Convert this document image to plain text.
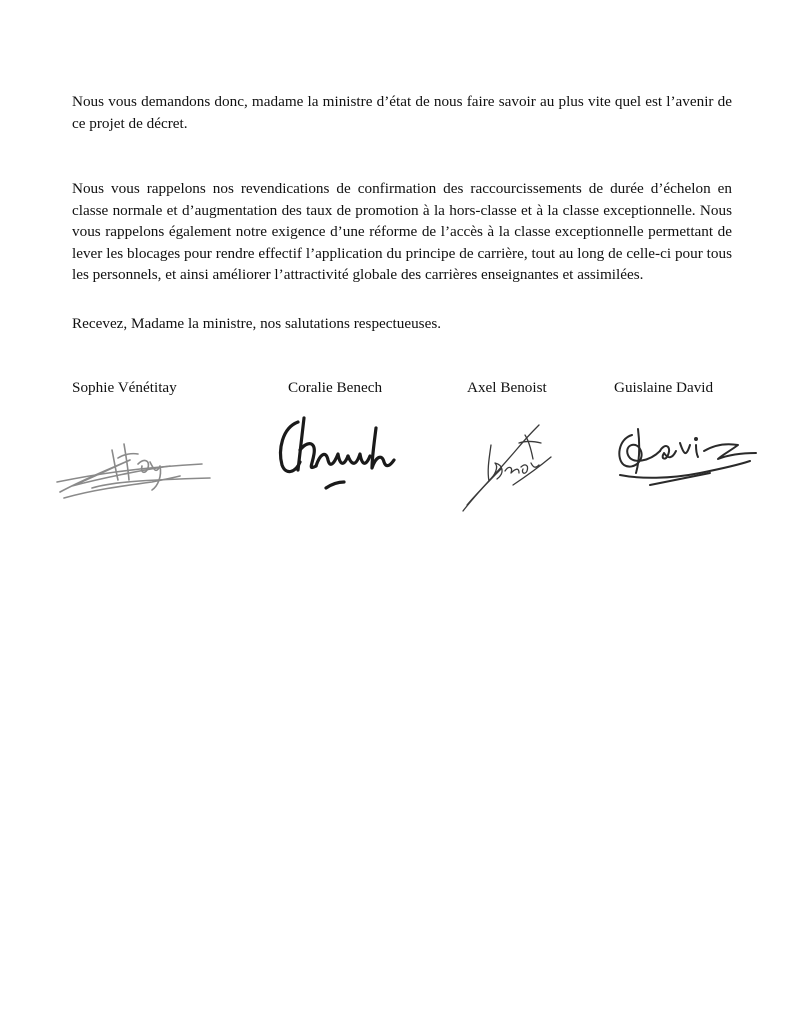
Nous vous demandons donc, madame la ministre d’état de nous faire savoir au plus vite quel est l’avenir de ce projet de décret.

Nous vous rappelons nos revendications de confirmation des raccourcissements de durée d’échelon en classe normale et d’augmentation des taux de promotion à la hors-classe et à la classe exceptionnelle. Nous vous rappelons également notre exigence d’une réforme de l’accès à la classe exceptionnelle permettant de lever les blocages pour rendre effectif l’application du principe de carrière, tout au long de celle-ci pour tous les personnels, et ainsi améliorer l’attractivité globale des carrières enseignantes et assimilées.

Recevez, Madame la ministre, nos salutations respectueuses.

Sophie Vénétitay	Coralie Benech	Axel Benoist	Guislaine David
